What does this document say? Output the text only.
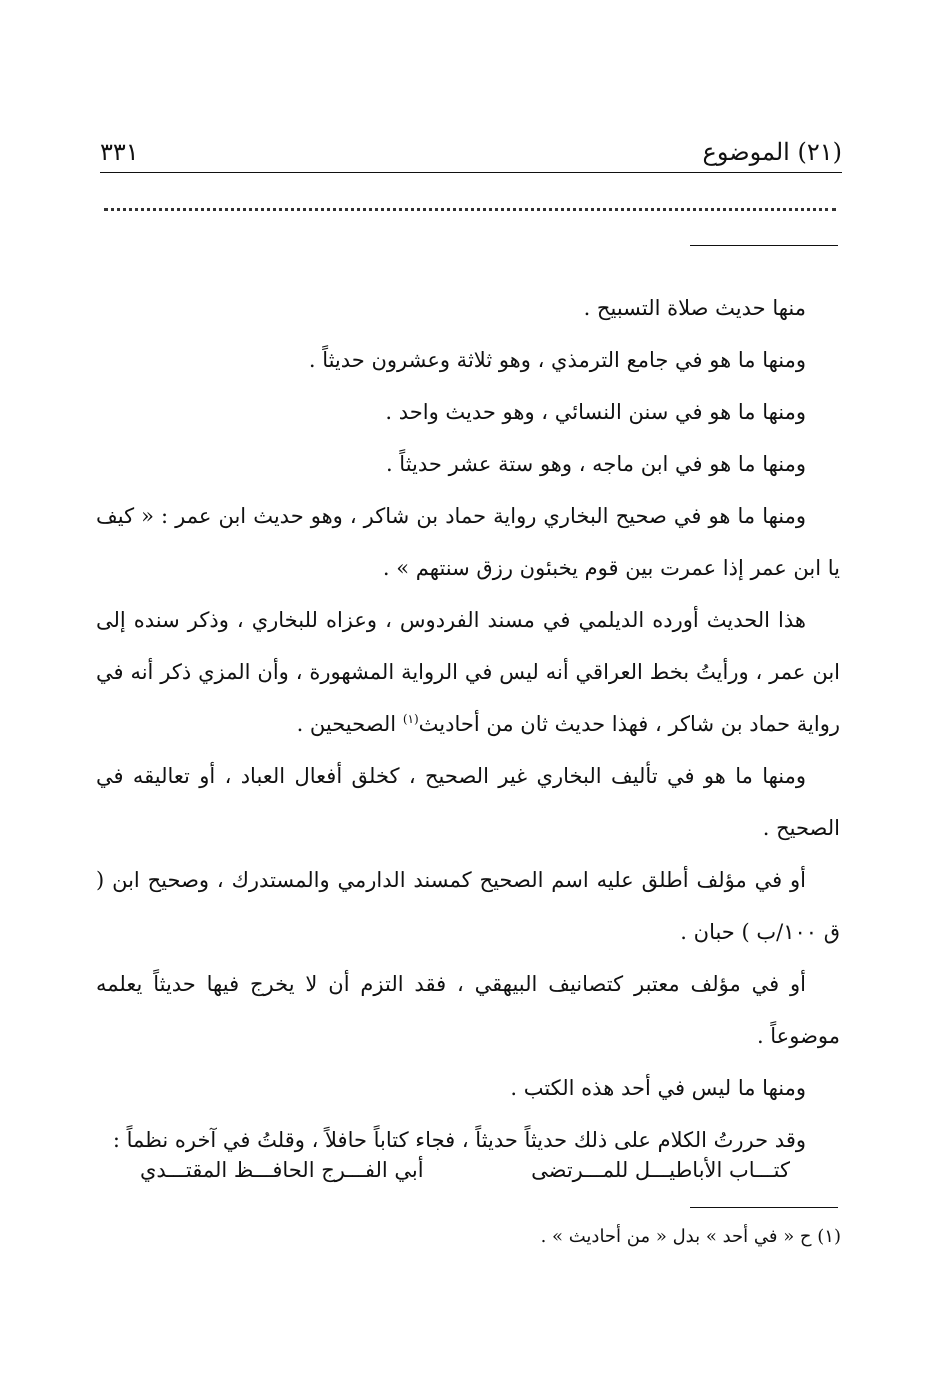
(٢١) الموضوع
٣٣١

منها حديث صلاة التسبيح .

ومنها ما هو في جامع الترمذي ، وهو ثلاثة وعشرون حديثاً .

ومنها ما هو في سنن النسائي ، وهو حديث واحد .

ومنها ما هو في ابن ماجه ، وهو ستة عشر حديثاً .

ومنها ما هو في صحيح البخاري رواية حماد بن شاكر ، وهو حديث ابن عمر : « كيف يا ابن عمر إذا عمرت بين قوم يخبئون رزق سنتهم » .

هذا الحديث أورده الديلمي في مسند الفردوس ، وعزاه للبخاري ، وذكر سنده إلى ابن عمر ، ورأيتُ بخط العراقي أنه ليس في الرواية المشهورة ، وأن المزي ذكر أنه في رواية حماد بن شاكر ، فهذا حديث ثان من أحاديث$^{(١)}$ الصحيحين .

ومنها ما هو في تأليف البخاري غير الصحيح ، كخلق أفعال العباد ، أو تعاليقه في الصحيح .

أو في مؤلف أطلق عليه اسم الصحيح كمسند الدارمي والمستدرك ، وصحيح ابن ( ق ١٠٠/ب ) حبان .

أو في مؤلف معتبر كتصانيف البيهقي ، فقد التزم أن لا يخرج فيها حديثاً يعلمه موضوعاً .

ومنها ما ليس في أحد هذه الكتب .

وقد حررتُ الكلام على ذلك حديثاً حديثاً ، فجاء كتاباً حافلاً ، وقلتُ في آخره نظماً :

كتـــاب الأباطيـــل للمـــرتضى
أبي الفـــرج الحافـــظ المقتـــدي
(١) ح « في أحد » بدل « من أحاديث » .
